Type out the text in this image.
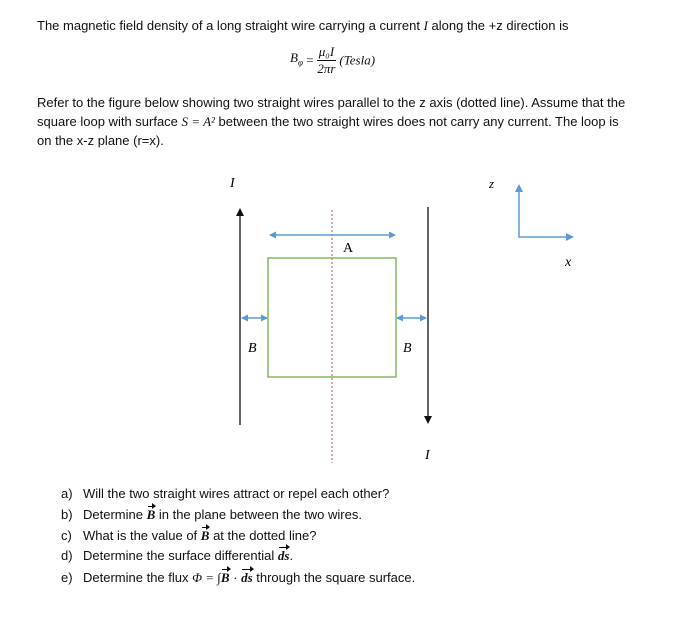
The magnetic field density of a long straight wire carrying a current I along the +z direction is
$B_\varphi = \frac{\text{μ₀I}}{2\pi r}$ (Tesla)
Refer to the figure below showing two straight wires parallel to the z axis (dotted line). Assume that the
square loop with surface S = A² between the two straight wires does not carry any current. The loop is
on the x-z plane (r=x).
I
I
A
B	B
z
x
a) Will the two straight wires attract or repel each other?
b) Determine B in the plane between the two wires.
c) What is the value of B at the dotted line?
d) Determine the surface differential ds.
e) Determine the flux Φ = ∫B · ds through the square surface.
